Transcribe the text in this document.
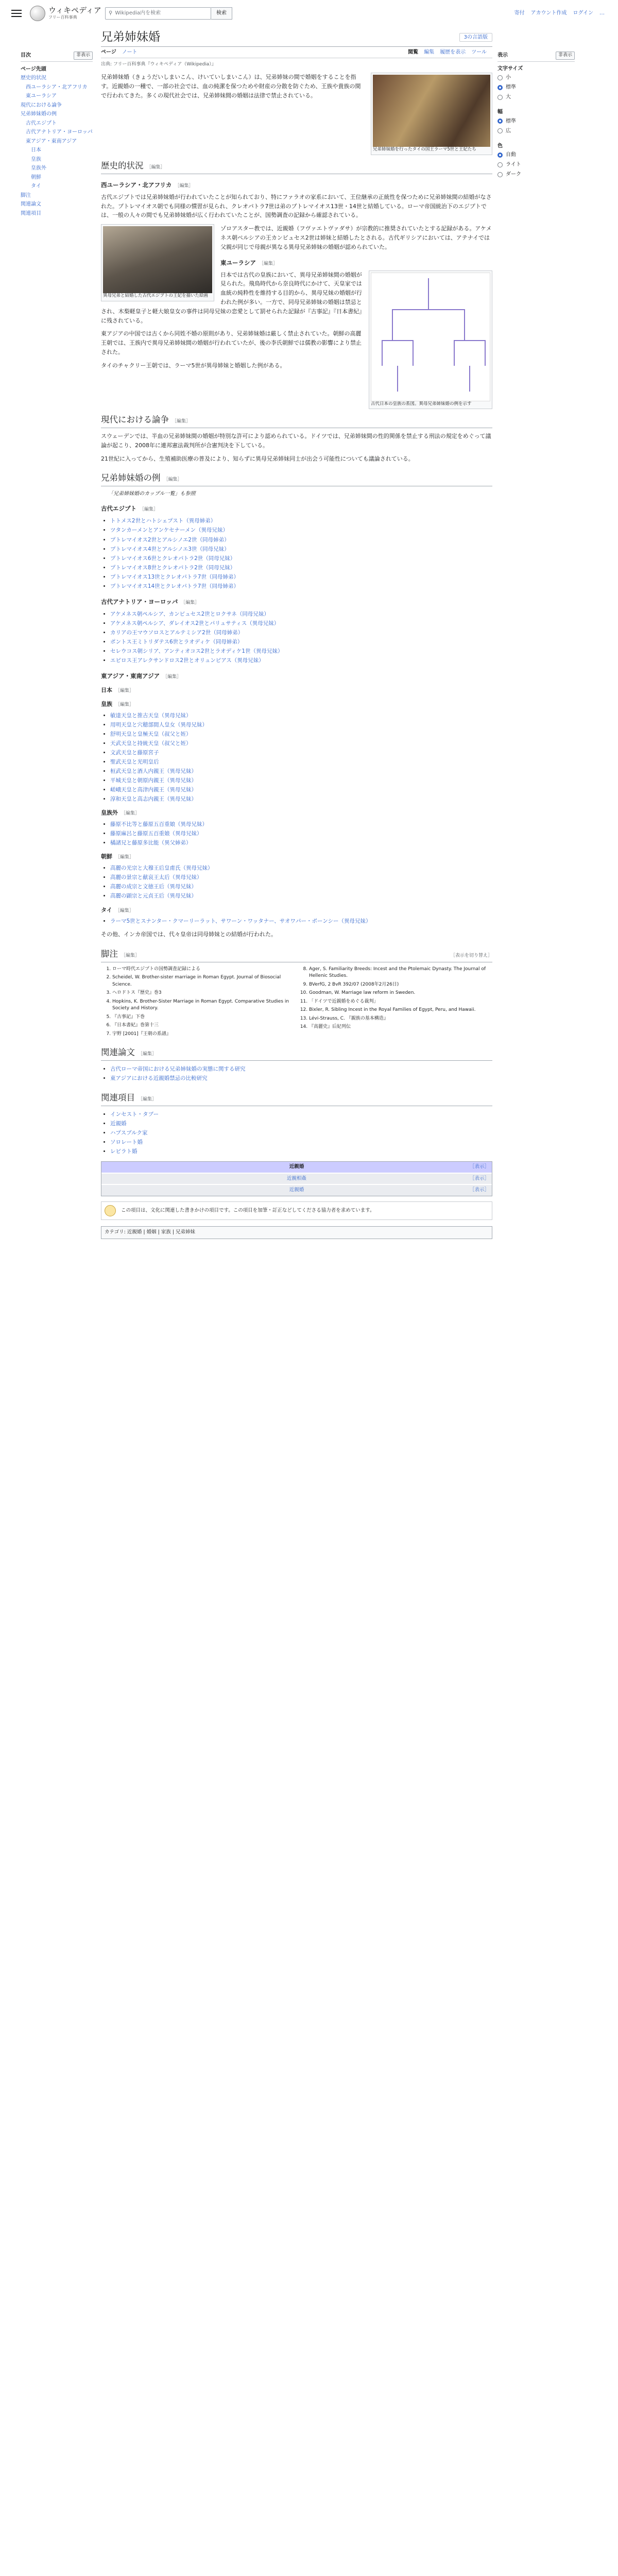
ウィキペディア
フリー百科事典
⚲ Wikipedia内を検索	検索	寄付 アカウント作成 ログイン …
目次	非表示
ページ先頭
歴史的状況
西ユーラシア・北アフリカ
東ユーラシア
現代における論争
兄弟姉妹婚の例
古代エジプト
古代アナトリア・ヨーロッパ
東アジア・東南アジア
日本
皇族
皇族外
朝鮮
タイ
脚注
関連論文
関連項目
兄弟姉妹婚	3の言語版
ページ ノート	閲覧 編集 履歴を表示 ツール
出典: フリー百科事典『ウィキペディア（Wikipedia）』
兄弟姉妹婚を行ったタイの国王ラーマ5世と王妃たち

兄弟姉妹婚（きょうだいしまいこん、けいていしまいこん）は、兄弟姉妹の間で婚姻をすることを指す。近親婚の一種で、一部の社会では、血の純潔を保つためや財産の分散を防ぐため、王族や貴族の間で行われてきた。多くの現代社会では、兄弟姉妹間の婚姻は法律で禁止されている。

歴史的状況 ［編集］
西ユーラシア・北アフリカ ［編集］

古代エジプトでは兄弟姉妹婚が行われていたことが知られており、特にファラオの家系において、王位継承の正統性を保つために兄弟姉妹間の結婚がなされた。プトレマイオス朝でも同様の慣習が見られ、クレオパトラ7世は弟のプトレマイオス13世・14世と結婚している。ローマ帝国統治下のエジプトでは、一般の人々の間でも兄弟姉妹婚が広く行われていたことが、国勢調査の記録から確認されている。

異母兄弟と結婚した古代エジプトの王妃を描いた絵画

ゾロアスター教では、近親婚（フヴァエトヴァダサ）が宗教的に推奨されていたとする記録がある。アケメネス朝ペルシアの王カンビュセス2世は姉妹と結婚したとされる。古代ギリシアにおいては、アテナイでは父親が同じで母親が異なる異母兄弟姉妹の婚姻が認められていた。

東ユーラシア ［編集］
古代日本の皇族の系図。異母兄弟姉妹婚の例を示す

日本では古代の皇族において、異母兄弟姉妹間の婚姻が見られた。飛鳥時代から奈良時代にかけて、天皇家では血統の純粋性を維持する目的から、異母兄妹の婚姻が行われた例が多い。一方で、同母兄弟姉妹の婚姻は禁忌とされ、木梨軽皇子と軽大娘皇女の事件は同母兄妹の恋愛として罰せられた記録が『古事記』『日本書紀』に残されている。

東アジアの中国では古くから同姓不婚の原則があり、兄弟姉妹婚は厳しく禁止されていた。朝鮮の高麗王朝では、王族内で異母兄弟姉妹間の婚姻が行われていたが、後の李氏朝鮮では儒教の影響により禁止された。

タイのチャクリー王朝では、ラーマ5世が異母姉妹と婚姻した例がある。

現代における論争 ［編集］

スウェーデンでは、半血の兄弟姉妹間の婚姻が特別な許可により認められている。ドイツでは、兄弟姉妹間の性的関係を禁止する刑法の規定をめぐって議論が起こり、2008年に連邦憲法裁判所が合憲判決を下している。

21世紀に入ってから、生殖補助医療の普及により、知らずに異母兄弟姉妹同士が出会う可能性についても議論されている。

兄弟姉妹婚の例 ［編集］
「兄弟姉妹婚のカップル一覧」も参照
古代エジプト ［編集］
• トトメス2世とハトシェプスト（異母姉弟）
• ツタンカーメンとアンケセナーメン（異母兄妹）
• プトレマイオス2世とアルシノエ2世（同母姉弟）
• プトレマイオス4世とアルシノエ3世（同母兄妹）
• プトレマイオス6世とクレオパトラ2世（同母兄妹）
• プトレマイオス8世とクレオパトラ2世（同母兄妹）
• プトレマイオス13世とクレオパトラ7世（同母姉弟）
• プトレマイオス14世とクレオパトラ7世（同母姉弟）
古代アナトリア・ヨーロッパ ［編集］
• アケメネス朝ペルシア、カンビュセス2世とロクサネ（同母兄妹）
• アケメネス朝ペルシア、ダレイオス2世とパリュサティス（異母兄妹）
• カリアの王マウソロスとアルテミシア2世（同母姉弟）
• ポントス王ミトリダテス6世とラオディケ（同母姉弟）
• セレウコス朝シリア、アンティオコス2世とラオディケ1世（異母兄妹）
• エピロス王アレクサンドロス2世とオリュンピアス（異母兄妹）
東アジア・東南アジア ［編集］
日本 ［編集］
皇族 ［編集］
• 敏達天皇と推古天皇（異母兄妹）
• 用明天皇と穴穂部間人皇女（異母兄妹）
• 舒明天皇と皇極天皇（叔父と姪）
• 天武天皇と持統天皇（叔父と姪）
• 文武天皇と藤原宮子
• 聖武天皇と光明皇后
• 桓武天皇と酒人内親王（異母兄妹）
• 平城天皇と朝原内親王（異母兄妹）
• 嵯峨天皇と高津内親王（異母兄妹）
• 淳和天皇と高志内親王（異母兄妹）
皇族外 ［編集］
• 藤原不比等と藤原五百重娘（異母兄妹）
• 藤原麻呂と藤原五百重娘（異母兄妹）
• 橘諸兄と藤原多比能（異父姉弟）
朝鮮 ［編集］
• 高麗の光宗と大穆王后皇甫氏（異母兄妹）
• 高麗の景宗と献哀王太后（異母兄妹）
• 高麗の成宗と文徳王后（異母兄妹）
• 高麗の顕宗と元貞王后（異母兄妹）
タイ ［編集］
• ラーマ5世とスナンター・クマーリーラット、サワーン・ワッタナー、サオワパー・ポーンシー（異母兄妹）

その他、インカ帝国では、代々皇帝は同母姉妹との結婚が行われた。

脚注 ［編集］	［表示を切り替え］
1. ローマ時代エジプトの国勢調査記録による
2. Scheidel, W. Brother-sister marriage in Roman Egypt. Journal of Biosocial Science.
3. ヘロドトス『歴史』巻3
4. Hopkins, K. Brother-Sister Marriage in Roman Egypt. Comparative Studies in Society and History.
5. 『古事記』下巻
6. 『日本書紀』巻第十三
7. 宇野 [2001]『王朝の系譜』
8. Ager, S. Familiarity Breeds: Incest and the Ptolemaic Dynasty. The Journal of Hellenic Studies.
9. BVerfG, 2 BvR 392/07 (2008年2月26日)
10. Goodman, W. Marriage law reform in Sweden.
11. 「ドイツで近親婚をめぐる裁判」
12. Bixler, R. Sibling Incest in the Royal Families of Egypt, Peru, and Hawaii.
13. Lévi-Strauss, C. 『親族の基本構造』
14. 『高麗史』后妃列伝
関連論文 ［編集］
• 古代ローマ帝国における兄弟姉妹婚の実態に関する研究
• 東アジアにおける近親婚禁忌の比較研究
関連項目 ［編集］
• インセスト・タブー
• 近親婚
• ハプスブルク家
• ソロレート婚
• レビラト婚
近親婚	［表示］
近親相姦	［表示］
近親婚	［表示］
この項目は、文化に関連した書きかけの項目です。この項目を加筆・訂正などしてくださる協力者を求めています。
カテゴリ: 近親婚 | 婚姻 | 家族 | 兄弟姉妹
表示	非表示
文字サイズ
小
標準
大
幅
標準
広
色
自動
ライト
ダーク
